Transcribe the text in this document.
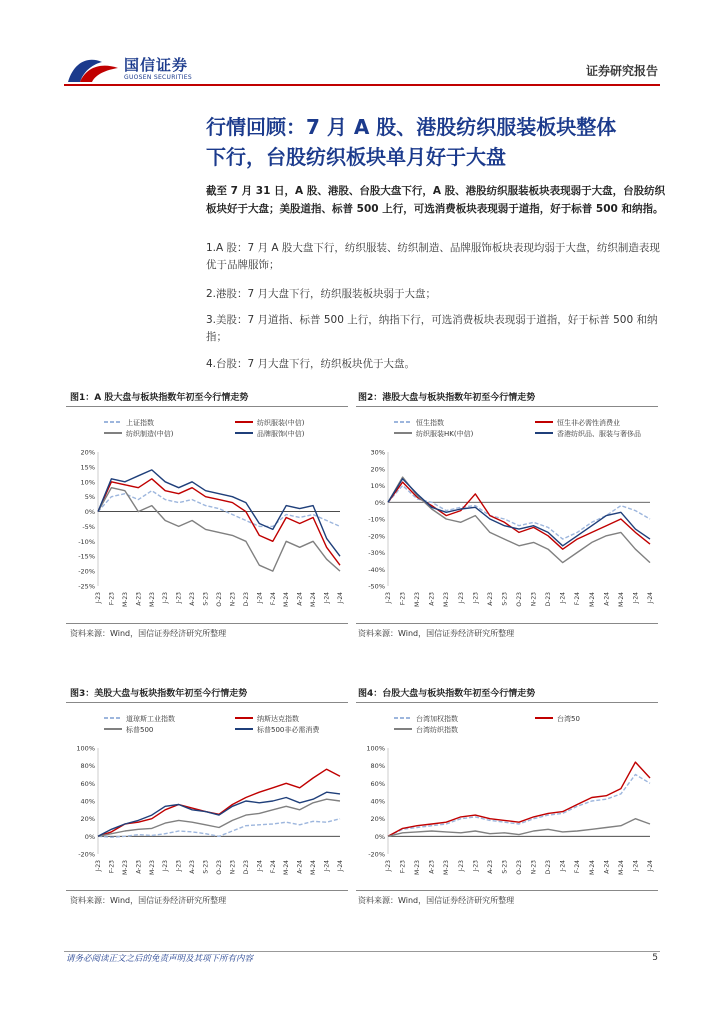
国信证券
GUOSEN SECURITIES	证券研究报告
行情回顾：7 月 A 股、港股纺织服装板块整体
下行，台股纺织板块单月好于大盘
截至 7 月 31 日，A 股、港股、台股大盘下行，A 股、港股纺织服装板块表现弱于大盘，台股纺织板块好于大盘；美股道指、标普 500 上行，可选消费板块表现弱于道指，好于标普 500 和纳指。
1.A 股：7 月 A 股大盘下行，纺织服装、纺织制造、品牌服饰板块表现均弱于大盘，纺织制造表现优于品牌服饰；
2.港股：7 月大盘下行，纺织服装板块弱于大盘；
3.美股：7 月道指、标普 500 上行，纳指下行，可选消费板块表现弱于道指，好于标普 500 和纳指；
4.台股：7 月大盘下行，纺织板块优于大盘。
图1：A 股大盘与板块指数年初至今行情走势	图2：港股大盘与板块指数年初至今行情走势
上证指数	纺织服装(中信)
纺织制造(中信)	品牌服饰(中信)
20%
15%
10%
5%
0%
-5%
-10%
-15%
-20%
-25%
J-23 F-23 M-23 A-23 M-23 J-23 J-23 A-23 S-23 O-23 N-23 D-23 J-24 F-24 M-24 A-24 M-24 J-24 J-24
恒生指数	恒生非必需性消费业
纺织服装HK(中信)	香港纺织品、服装与奢侈品
30%
20%
10%
0%
-10%
-20%
-30%
-40%
-50%
J-23 F-23 M-23 A-23 M-23 J-23 J-23 A-23 S-23 O-23 N-23 D-23 J-24 F-24 M-24 A-24 M-24 J-24 J-24
资料来源：Wind，国信证券经济研究所整理	资料来源：Wind，国信证券经济研究所整理
图3：美股大盘与板块指数年初至今行情走势	图4：台股大盘与板块指数年初至今行情走势
道琼斯工业指数	纳斯达克指数
标普500	标普500非必需消费
100%
80%
60%
40%
20%
0%
-20%
J-23 F-23 M-23 A-23 M-23 J-23 J-23 A-23 S-23 O-23 N-23 D-23 J-24 F-24 M-24 A-24 M-24 J-24 J-24
台湾加权指数	台湾50
台湾纺织指数
100%
80%
60%
40%
20%
0%
-20%
J-23 F-23 M-23 A-23 M-23 J-23 J-23 A-23 S-23 O-23 N-23 D-23 J-24 F-24 M-24 A-24 M-24 J-24 J-24
资料来源：Wind，国信证券经济研究所整理	资料来源：Wind，国信证券经济研究所整理
请务必阅读正文之后的免责声明及其项下所有内容	5
